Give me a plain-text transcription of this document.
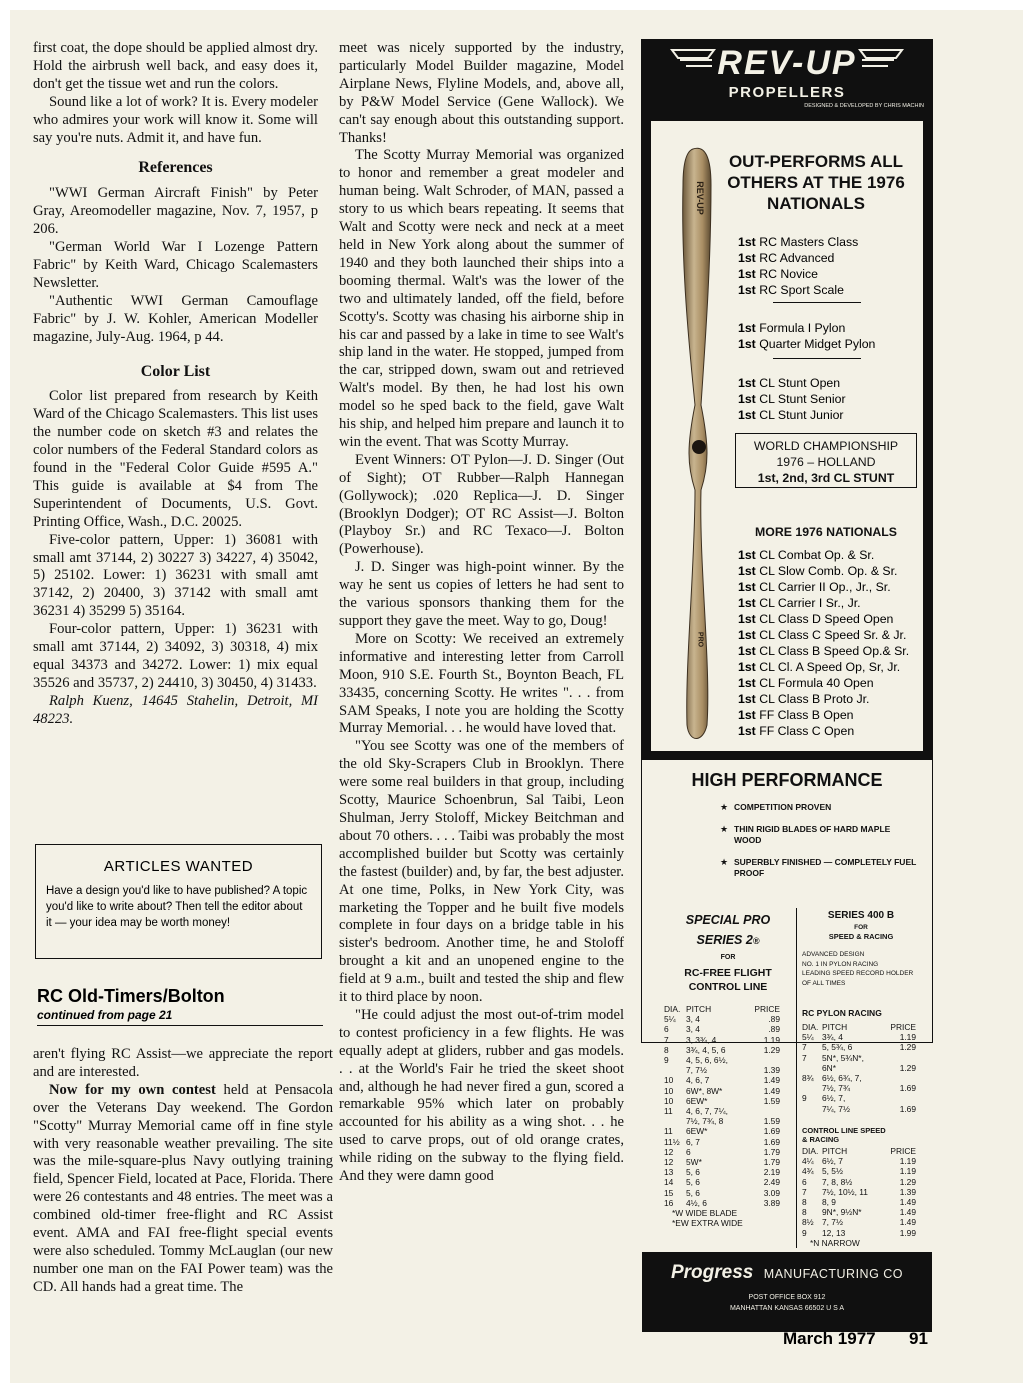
first coat, the dope should be applied almost dry. Hold the airbrush well back, and easy does it, don't get the tissue wet and run the colors.

Sound like a lot of work? It is. Every modeler who admires your work will know it. Some will say you're nuts. Admit it, and have fun.

References

"WWI German Aircraft Finish" by Peter Gray, Areomodeller magazine, Nov. 7, 1957, p 206.

"German World War I Lozenge Pattern Fabric" by Keith Ward, Chicago Scalemasters Newsletter.

"Authentic WWI German Camouflage Fabric" by J. W. Kohler, American Modeller magazine, July-Aug. 1964, p 44.

Color List

Color list prepared from research by Keith Ward of the Chicago Scalemasters. This list uses the number code on sketch #3 and relates the color numbers of the Federal Standard colors as found in the "Federal Color Guide #595 A." This guide is available at $4 from The Superintendent of Documents, U.S. Govt. Printing Office, Wash., D.C. 20025.

Five-color pattern, Upper: 1) 36081 with small amt 37144, 2) 30227 3) 34227, 4) 35042, 5) 25102. Lower: 1) 36231 with small amt 37142, 2) 20400, 3) 37142 with small amt 36231 4) 35299 5) 35164.

Four-color pattern, Upper: 1) 36231 with small amt 37144, 2) 34092, 3) 30318, 4) mix equal 34373 and 34272. Lower: 1) mix equal 35526 and 35737, 2) 24410, 3) 30450, 4) 31433.

Ralph Kuenz, 14645 Stahelin, Detroit, MI 48223.

ARTICLES WANTED
Have a design you'd like to have published? A topic you'd like to write about? Then tell the editor about it — your idea may be worth money!
RC Old-Timers/Bolton
continued from page 21

aren't flying RC Assist—we appreciate the report and are interested.

Now for my own contest held at Pensacola over the Veterans Day weekend. The Gordon "Scotty" Murray Memorial came off in fine style with very reasonable weather prevailing. The site was the mile-square-plus Navy outlying training field, Spencer Field, located at Pace, Florida. There were 26 contestants and 48 entries. The meet was a combined old-timer free-flight and RC Assist event. AMA and FAI free-flight special events were also scheduled. Tommy McLauglan (our new number one man on the FAI Power team) was the CD. All hands had a great time. The

meet was nicely supported by the industry, particularly Model Builder magazine, Model Airplane News, Flyline Models, and, above all, by P&W Model Service (Gene Wallock). We can't say enough about this outstanding support. Thanks!

The Scotty Murray Memorial was organized to honor and remember a great modeler and human being. Walt Schroder, of MAN, passed a story to us which bears repeating. It seems that Walt and Scotty were neck and neck at a meet held in New York along about the summer of 1940 and they both launched their ships into a booming thermal. Walt's was the lower of the two and ultimately landed, off the field, before Scotty's. Scotty was chasing his airborne ship in his car and passed by a lake in time to see Walt's ship land in the water. He stopped, jumped from the car, stripped down, swam out and retrieved Walt's model. By then, he had lost his own model so he sped back to the field, gave Walt his ship, and helped him prepare and launch it to win the event. That was Scotty Murray.

Event Winners: OT Pylon—J. D. Singer (Out of Sight); OT Rubber—Ralph Hannegan (Gollywock); .020 Replica—J. D. Singer (Brooklyn Dodger); OT RC Assist—J. Bolton (Playboy Sr.) and RC Texaco—J. Bolton (Powerhouse).

J. D. Singer was high-point winner. By the way he sent us copies of letters he had sent to the various sponsors thanking them for the support they gave the meet. Way to go, Doug!

More on Scotty: We received an extremely informative and interesting letter from Carroll Moon, 910 S.E. Fourth St., Boynton Beach, FL 33435, concerning Scotty. He writes ". . . from SAM Speaks, I note you are holding the Scotty Murray Memorial. . . he would have loved that.

"You see Scotty was one of the members of the old Sky-Scrapers Club in Brooklyn. There were some real builders in that group, including Scotty, Maurice Schoenbrun, Sal Taibi, Leon Shulman, Jerry Stoloff, Mickey Beitchman and about 70 others. . . . Taibi was probably the most accomplished builder but Scotty was certainly the fastest (builder) and, by far, the best adjuster. At one time, Polks, in New York City, was marketing the Topper and he built five models complete in four days on a bridge table in his sister's bedroom. Another time, he and Stoloff brought a kit and an unopened engine to the field at 9 a.m., built and tested the ship and flew it to third place by noon.

"He could adjust the most out-of-trim model to contest proficiency in a few flights. He was equally adept at gliders, rubber and gas models. . . at the World's Fair he tried the skeet shoot and, although he had never fired a gun, scored a remarkable 95% which later on probably accounted for his ability as a wing shot. . . he used to carve props, out of old orange crates, while riding on the subway to the flying field. And they were damn good

REV-UP
PROPELLERS
DESIGNED & DEVELOPED BY CHRIS MACHIN
REV-UP
PRO
OUT-PERFORMS ALL OTHERS AT THE 1976 NATIONALS
1st RC Masters Class
1st RC Advanced
1st RC Novice
1st RC Sport Scale
1st Formula I Pylon
1st Quarter Midget Pylon
1st CL Stunt Open
1st CL Stunt Senior
1st CL Stunt Junior
WORLD CHAMPIONSHIP
1976 – HOLLAND
1st, 2nd, 3rd CL STUNT
MORE 1976 NATIONALS
1st CL Combat Op. & Sr.
1st CL Slow Comb. Op. & Sr.
1st CL Carrier II Op., Jr., Sr.
1st CL Carrier I Sr., Jr.
1st CL Class D Speed Open
1st CL Class C Speed Sr. & Jr.
1st CL Class B Speed Op.& Sr.
1st CL Cl. A Speed Op, Sr, Jr.
1st CL Formula 40 Open
1st CL Class B Proto Jr.
1st FF Class B Open
1st FF Class C Open
HIGH PERFORMANCE
★ COMPETITION PROVEN
★ THIN RIGID BLADES OF HARD MAPLE WOOD
★ SUPERBLY FINISHED — COMPLETELY FUEL PROOF
SPECIAL PRO
SERIES 2®
FOR
RC-FREE FLIGHT
CONTROL LINE
DIA.	PITCH	PRICE
5¼	3, 4	.89
6	3, 4	.89
7	3, 3¾, 4	1.19
8	3¾, 4, 5, 6	1.29
9	4, 5, 6, 6½,	
	7, 7½	1.39
10	4, 6, 7	1.49
10	6W*, 8W*	1.49
10	6EW*	1.59
11	4, 6, 7, 7¼,	
	7½, 7¾, 8	1.59
11	6EW*	1.69
11½	6, 7	1.69
12	6	1.79
12	5W*	1.79
13	5, 6	2.19
14	5, 6	2.49
15	5, 6	3.09
16	4½, 6	3.89
*W WIDE BLADE
*EW EXTRA WIDE
SERIES 400 B
FOR
SPEED & RACING
ADVANCED DESIGN
NO. 1 IN PYLON RACING
LEADING SPEED RECORD HOLDER OF ALL TIMES
RC PYLON RACING
DIA.	PITCH	PRICE
5¼	3¾, 4	1.19
7	5, 5¾, 6	1.29
7	5N*, 5¾N*,	
	6N*	1.29
8¾	6½, 6¾, 7,	
	7½, 7¾	1.69
9	6½, 7,	
	7¼, 7½	1.69
CONTROL LINE SPEED & RACING
DIA.	PITCH	PRICE
4¼	6½, 7	1.19
4¾	5, 5½	1.19
6	7, 8, 8½	1.29
7	7½, 10½, 11	1.39
8	8, 9	1.49
8	9N*, 9½N*	1.49
8½	7, 7½	1.49
9	12, 13	1.99
*N NARROW
Progress MANUFACTURING CO
POST OFFICE BOX 912
MANHATTAN KANSAS 66502 U S A
March 1977 91
